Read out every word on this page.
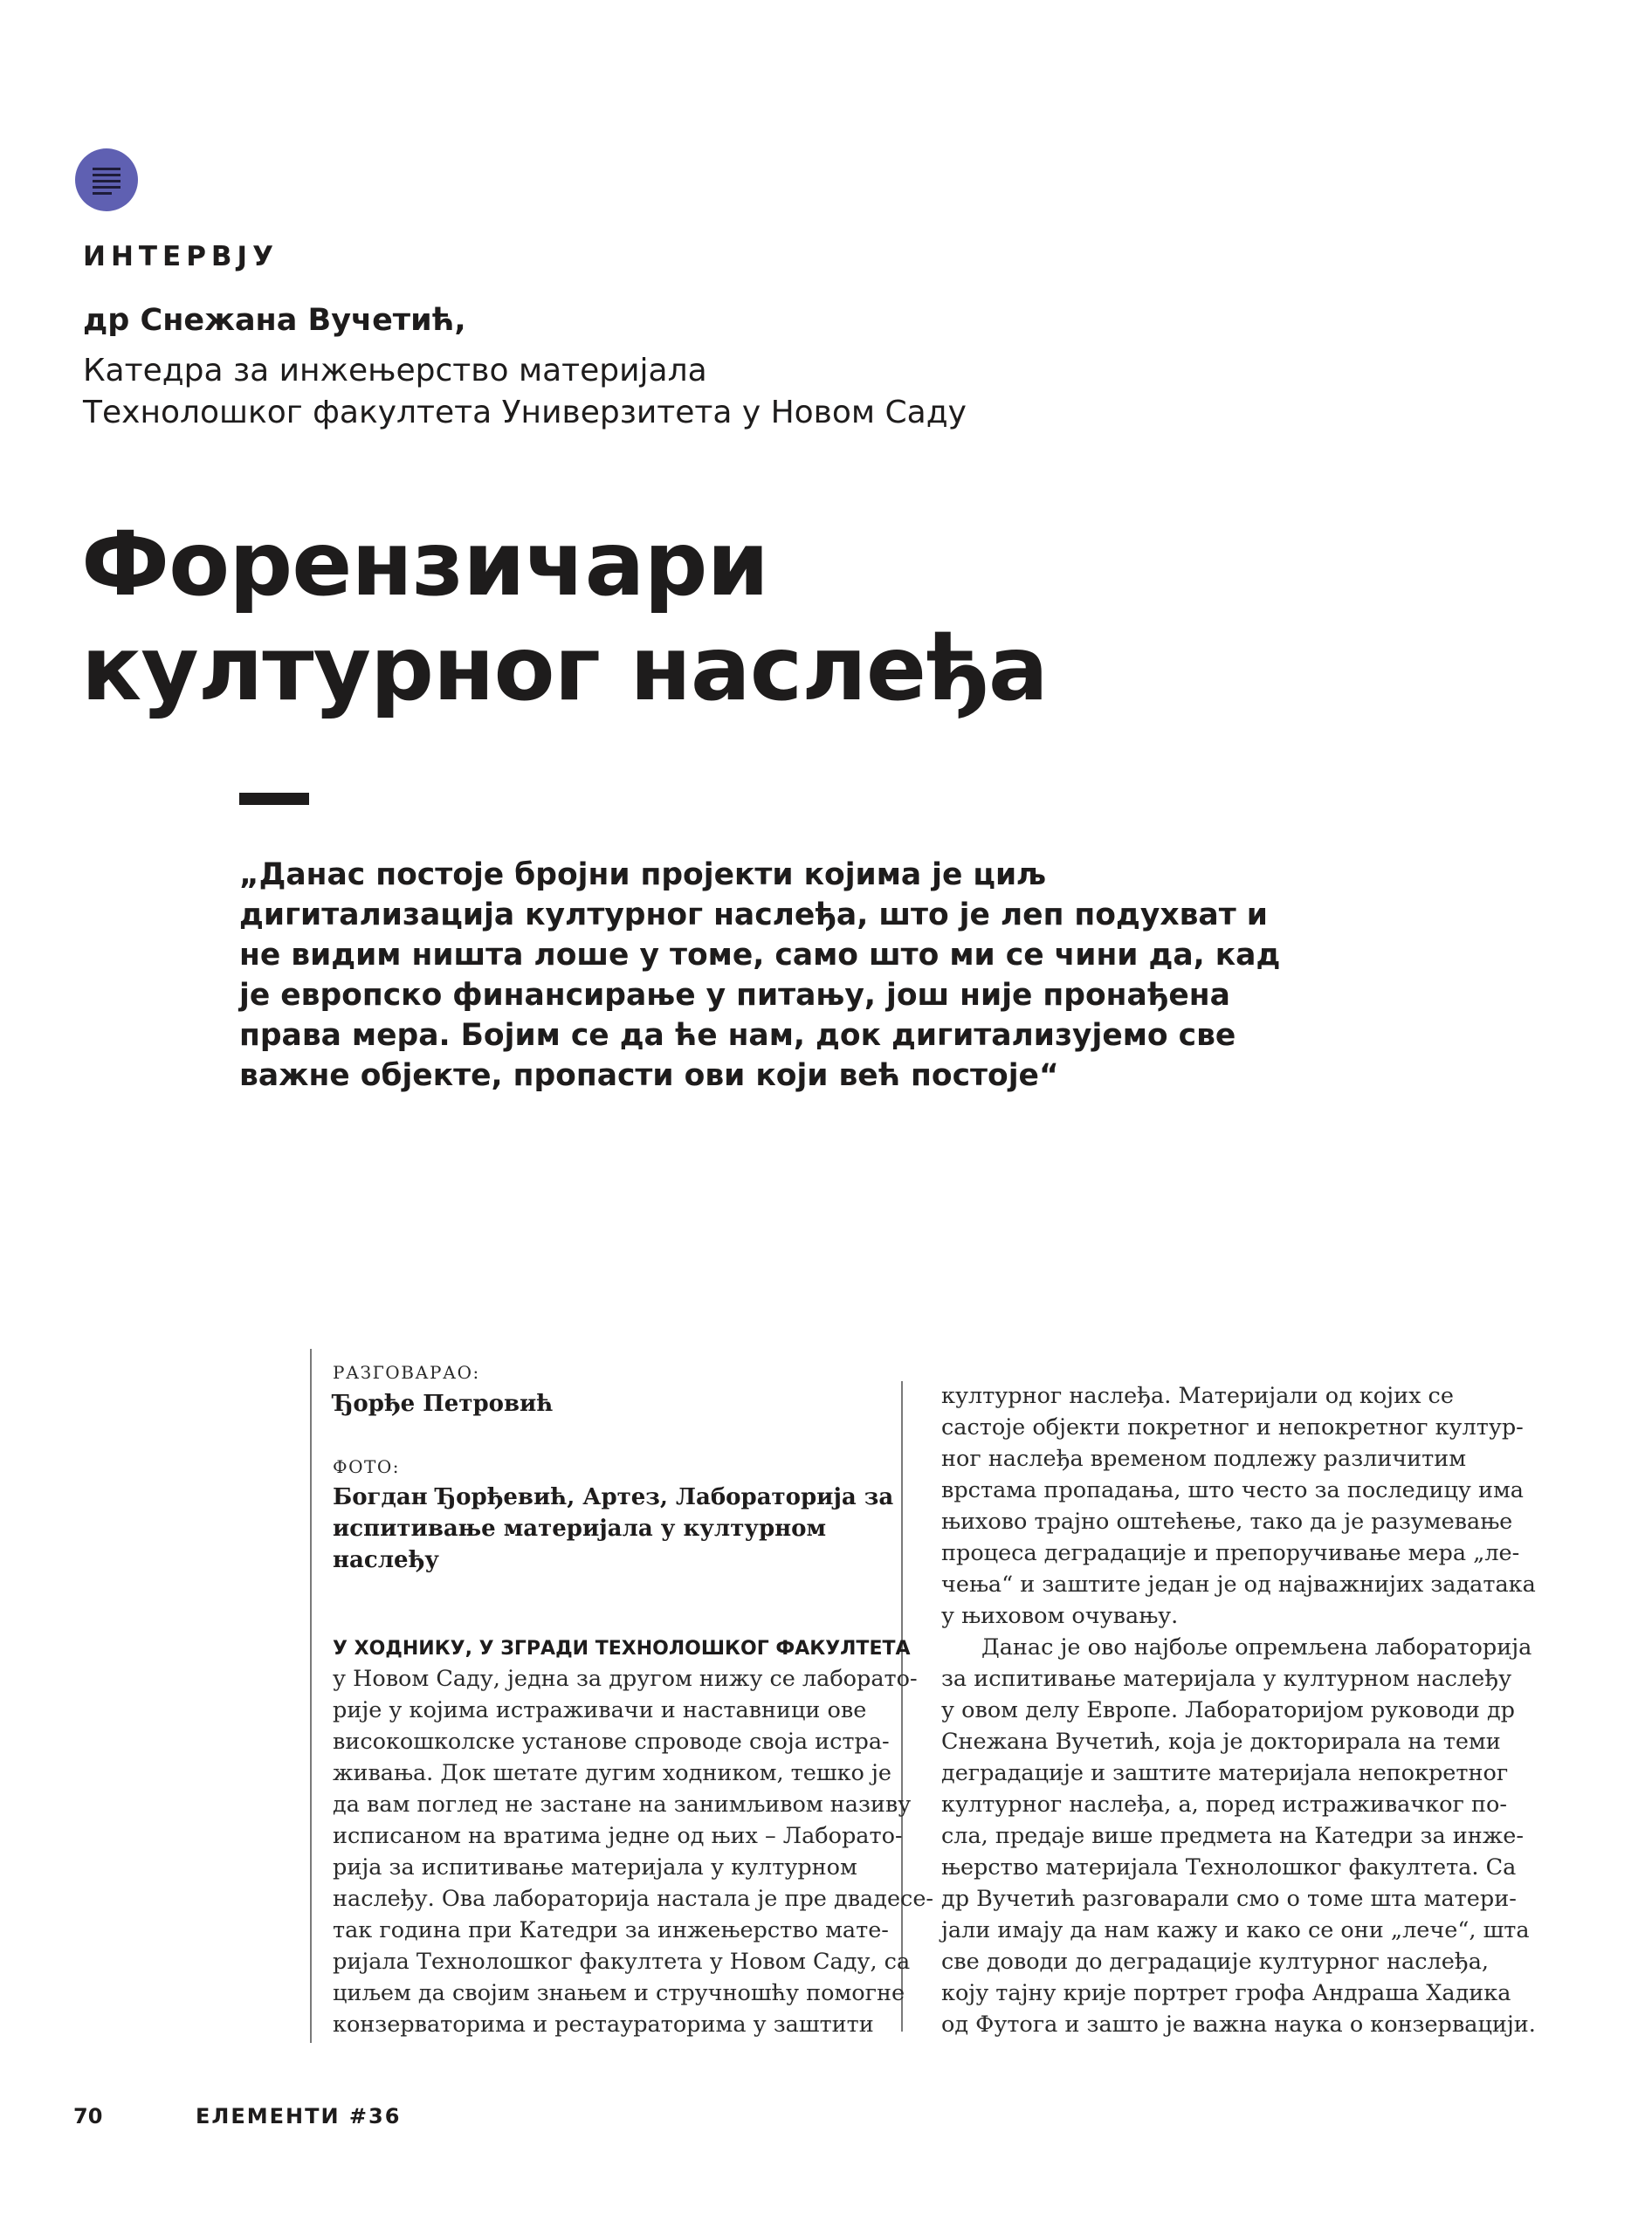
ИНТЕРВЈУ
др Снежана Вучетић,
Катедра за инжењерство материјала
Технолошког факултета Универзитета у Новом Саду
Форензичари
културног наслеђа
„Данас постоје бројни пројекти којима је циљ
дигитализација културног наслеђа, што је леп подухват и
не видим ништа лоше у томе, само што ми се чини да, кад
је европско финансирање у питању, још није пронађена
права мера. Бојим се да ће нам, док дигитализујемо све
важне објекте, пропасти ови који већ постоје“
РАЗГОВАРАО:
Ђорђе Петровић
ФОТО:
Богдан Ђорђевић, Артез, Лабораторија за
испитивање материјала у културном
наслеђу
У ХОДНИКУ, У ЗГРАДИ ТЕХНОЛОШКОГ ФАКУЛТЕТА
у Новом Саду, једна за другом нижу се лаборато-
рије у којима истраживачи и наставници ове
високошколске установе спроводе своја истра-
живања. Док шетате дугим ходником, тешко је
да вам поглед не застане на занимљивом називу
исписаном на вратима једне од њих – Лаборато-
рија за испитивање материјала у културном
наслеђу. Ова лабораторија настала је пре двадесе-
так година при Катедри за инжењерство мате-
ријала Технолошког факултета у Новом Саду, са
циљем да својим знањем и стручношћу помогне
конзерваторима и рестаураторима у заштити
културног наслеђа. Материјали од којих се
састоје објекти покретног и непокретног култур-
ног наслеђа временом подлежу различитим
врстама пропадања, што често за последицу има
њихово трајно оштећење, тако да је разумевање
процеса деградације и препоручивање мера „ле-
чења“ и заштите један је од најважнијих задатака
у њиховом очувању.
Данас је ово најбоље опремљена лабораторија
за испитивање материјала у културном наслеђу
у овом делу Европе. Лабораторијом руководи др
Снежана Вучетић, која је докторирала на теми
деградације и заштите материјала непокретног
културног наслеђа, а, поред истраживачког по-
сла, предаје више предмета на Катедри за инже-
њерство материјала Технолошког факултета. Са
др Вучетић разговарали смо о томе шта матери-
јали имају да нам кажу и како се они „лече“, шта
све доводи до деградације културног наслеђа,
коју тајну крије портрет грофа Андраша Хадика
од Футога и зашто је важна наука о конзервацији.
70	ЕЛЕМЕНТИ #36
